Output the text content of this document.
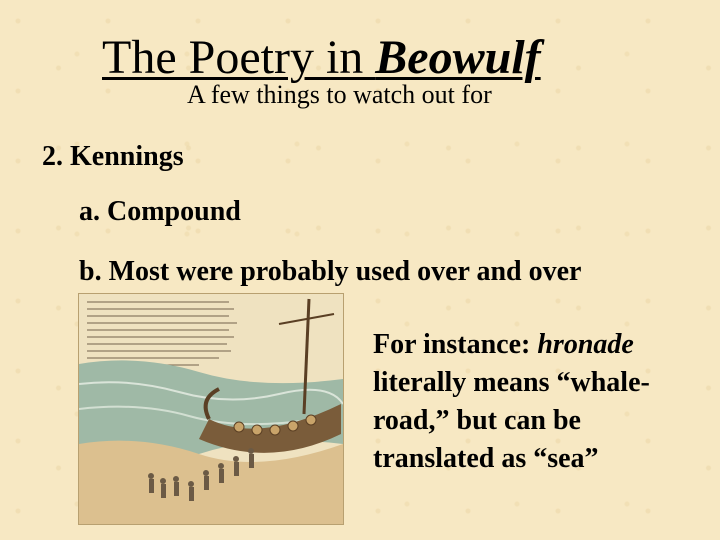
The Poetry in Beowulf
A few things to watch out for
2. Kennings
a. Compound
b. Most were probably used over and over
For instance: hronade
literally means “whale-
road,” but can be
translated as “sea”
